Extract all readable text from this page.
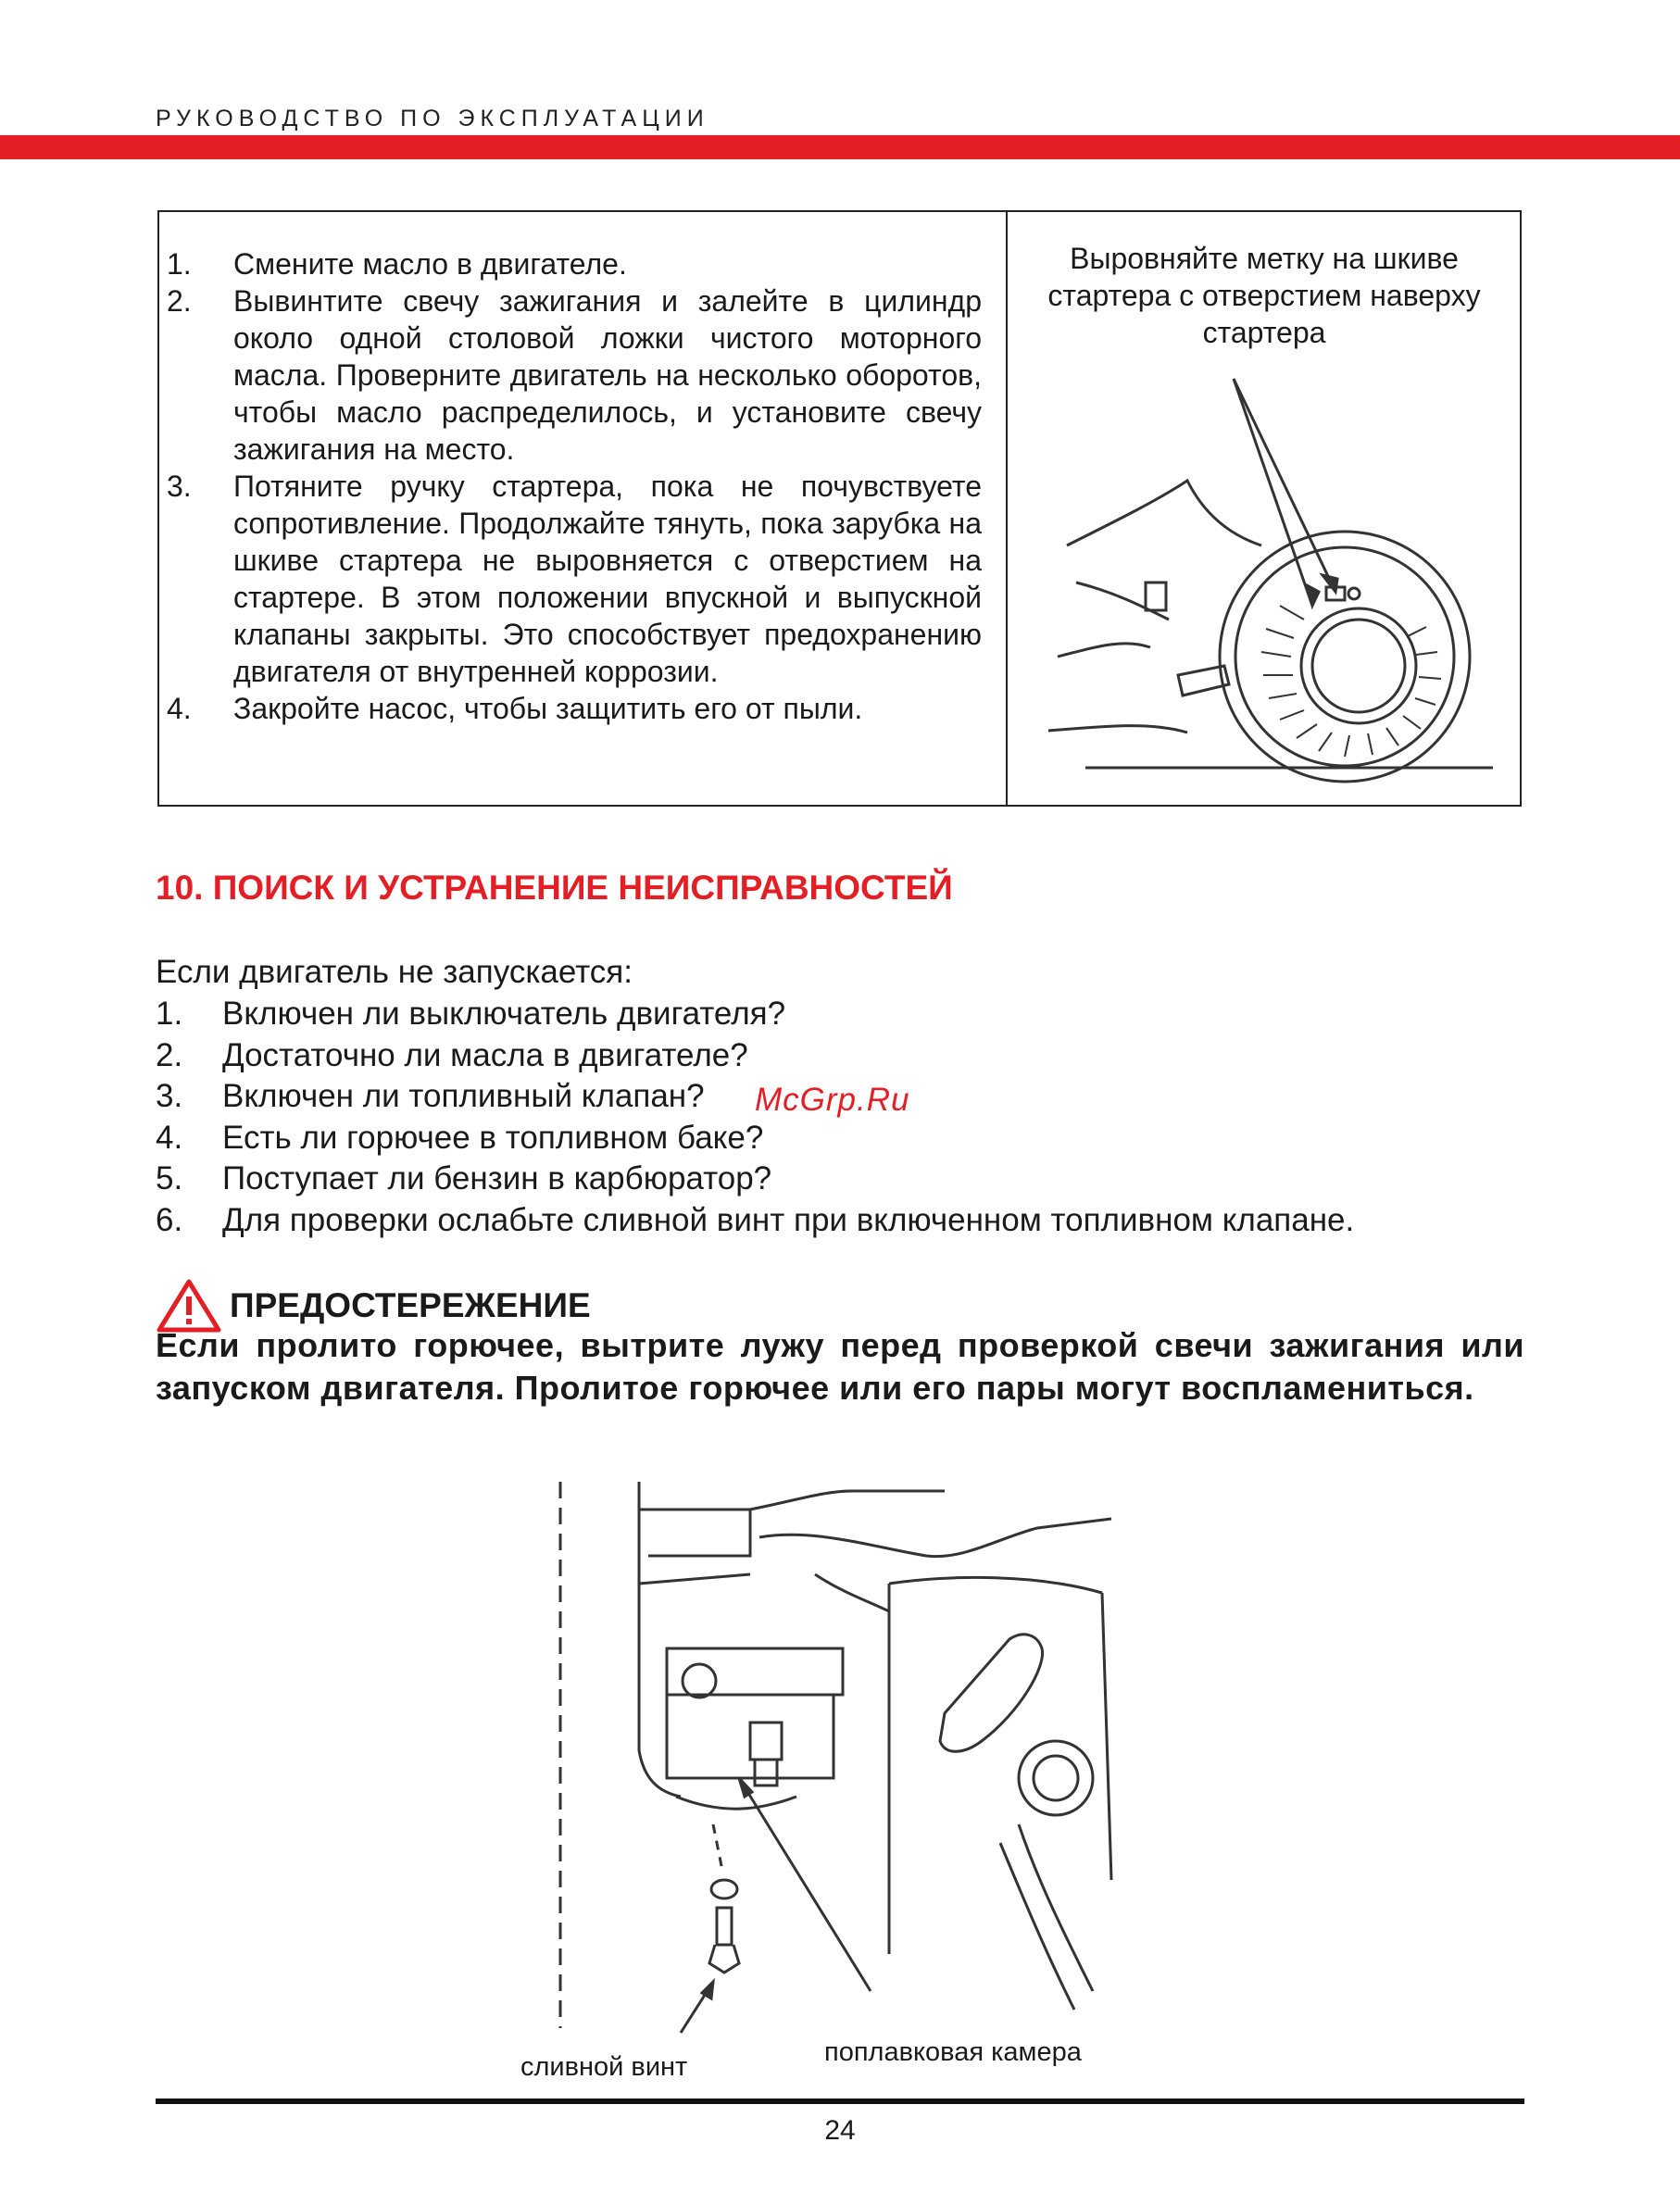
РУКОВОДСТВО ПО ЭКСПЛУАТАЦИИ
1. Смените масло в двигателе.
2. Вывинтите свечу зажигания и залейте в цилиндр около одной столовой ложки чистого моторного масла. Проверните двигатель на несколько оборотов, чтобы масло распределилось, и установите свечу зажигания на место.
3. Потяните ручку стартера, пока не почувствуете сопротивление. Продолжайте тянуть, пока зарубка на шкиве стартера не выровняется с отверстием на стартере. В этом положении впускной и выпускной клапаны закрыты. Это способствует предохранению двигателя от внутренней коррозии.
4. Закройте насос, чтобы защитить его от пыли.
Выровняйте метку на шкиве стартера с отверстием наверху стартера
10. ПОИСК И УСТРАНЕНИЕ НЕИСПРАВНОСТЕЙ
Если двигатель не запускается:
1. Включен ли выключатель двигателя?
2. Достаточно ли масла в двигателе?
3. Включен ли топливный клапан?
4. Есть ли горючее в топливном баке?
5. Поступает ли бензин в карбюратор?
6. Для проверки ослабьте сливной винт при включенном топливном клапане.
McGrp.Ru
ПРЕДОСТЕРЕЖЕНИЕ
Если пролито горючее, вытрите лужу перед проверкой свечи зажигания или запуском двигателя. Пролитое горючее или его пары могут воспламениться.
сливной винт	поплавковая камера
24
